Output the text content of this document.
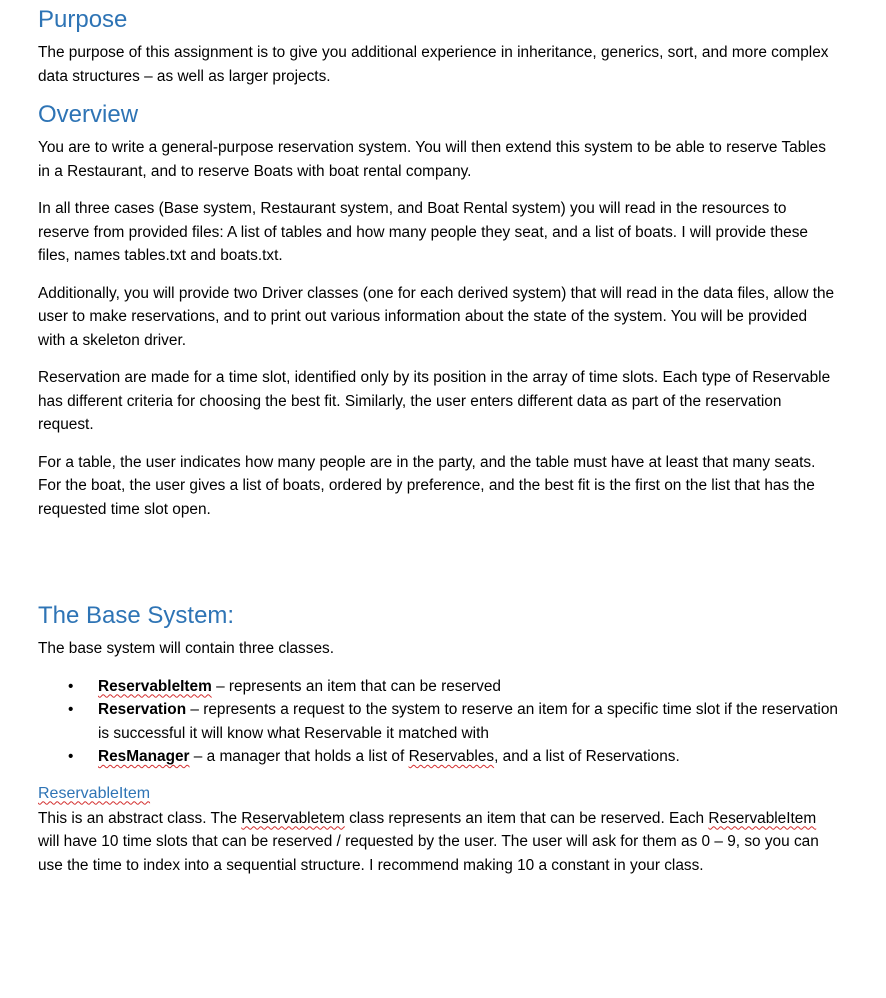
Purpose

The purpose of this assignment is to give you additional experience in inheritance, generics, sort, and more complex data structures – as well as larger projects.

Overview

You are to write a general-purpose reservation system. You will then extend this system to be able to reserve Tables in a Restaurant, and to reserve Boats with boat rental company.

In all three cases (Base system, Restaurant system, and Boat Rental system) you will read in the resources to reserve from provided files: A list of tables and how many people they seat, and a list of boats. I will provide these files, names tables.txt and boats.txt.

Additionally, you will provide two Driver classes (one for each derived system) that will read in the data files, allow the user to make reservations, and to print out various information about the state of the system. You will be provided with a skeleton driver.

Reservation are made for a time slot, identified only by its position in the array of time slots. Each type of Reservable has different criteria for choosing the best fit. Similarly, the user enters different data as part of the reservation request.

For a table, the user indicates how many people are in the party, and the table must have at least that many seats. For the boat, the user gives a list of boats, ordered by preference, and the best fit is the first on the list that has the requested time slot open.

The Base System:

The base system will contain three classes.

• ReservableItem – represents an item that can be reserved
• Reservation – represents a request to the system to reserve an item for a specific time slot if the reservation is successful it will know what Reservable it matched with
• ResManager – a manager that holds a list of Reservables, and a list of Reservations.
ReservableItem

This is an abstract class. The Reservabletem class represents an item that can be reserved. Each ReservableItem will have 10 time slots that can be reserved / requested by the user. The user will ask for them as 0 – 9, so you can use the time to index into a sequential structure. I recommend making 10 a constant in your class.
